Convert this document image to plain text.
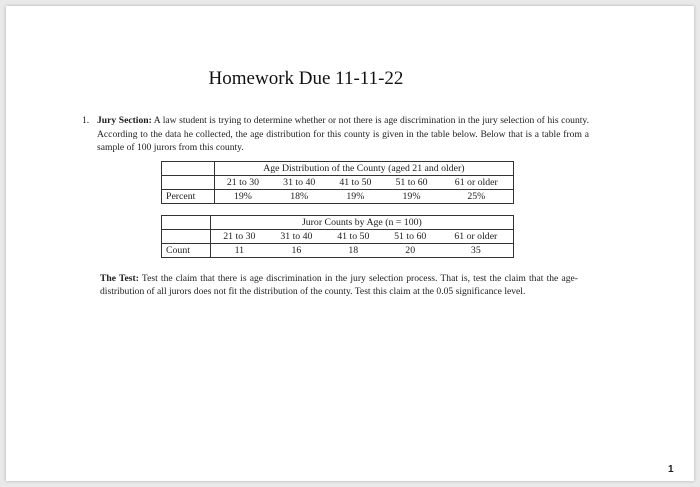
Homework Due 11-11-22
1. Jury Section: A law student is trying to determine whether or not there is age discrimination in the jury selection of his county. According to the data he collected, the age distribution for this county is given in the table below. Below that is a table from a sample of 100 jurors from this county.
	Age Distribution of the County (aged 21 and older)				
	21 to 30	31 to 40	41 to 50	51 to 60	61 or older
Percent	19%	18%	19%	19%	25%
	Juror Counts by Age (n = 100)				
	21 to 30	31 to 40	41 to 50	51 to 60	61 or older
Count	11	16	18	20	35
The Test: Test the claim that there is age discrimination in the jury selection process. That is, test the claim that the age-distribution of all jurors does not fit the distribution of the county. Test this claim at the 0.05 significance level.
1
